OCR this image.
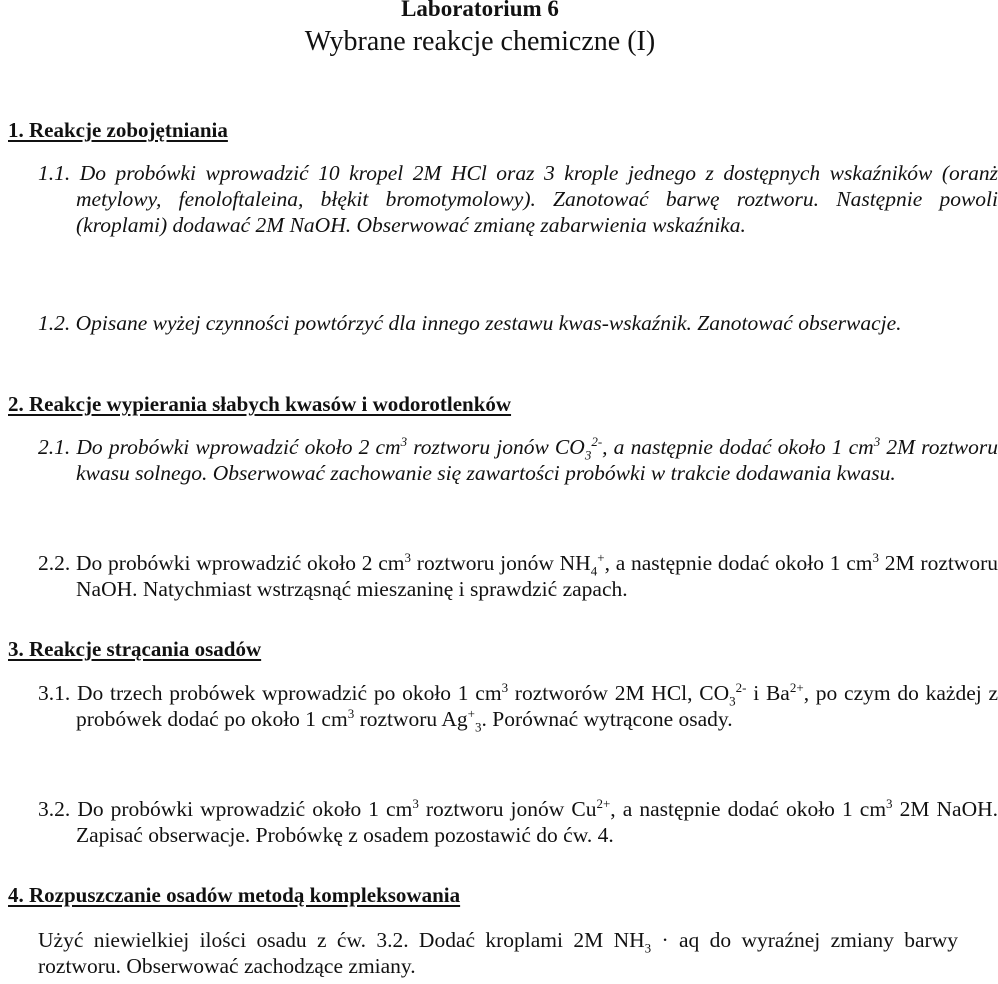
Laboratorium 6
Wybrane reakcje chemiczne (I)
1. Reakcje zobojętniania

1.1. Do probówki wprowadzić 10 kropel 2M HCl oraz 3 krople jednego z dostępnych wskaźników (oranż metylowy, fenoloftaleina, błękit bromotymolowy). Zanotować barwę roztworu. Następnie powoli (kroplami) dodawać 2M NaOH. Obserwować zmianę zabarwienia wskaźnika.

1.2. Opisane wyżej czynności powtórzyć dla innego zestawu kwas-wskaźnik. Zanotować obserwacje.

2. Reakcje wypierania słabych kwasów i wodorotlenków

2.1. Do probówki wprowadzić około 2 $cm^3$ roztworu jonów $CO_3^{2-}$, a następnie dodać około 1 $cm^3$ 2M roztworu kwasu solnego. Obserwować zachowanie się zawartości probówki w trakcie dodawania kwasu.

2.2. Do probówki wprowadzić około 2 $cm^3$ roztworu jonów $NH_4^+$, a następnie dodać około 1 $cm^3$ 2M roztworu NaOH. Natychmiast wstrząsnąć mieszaninę i sprawdzić zapach.

3. Reakcje strącania osadów

3.1. Do trzech probówek wprowadzić po około 1 $cm^3$ roztworów 2M HCl, $CO_3^{2-}$ i $Ba^{2+}$, po czym do każdej z probówek dodać po około 1 $cm^3$ roztworu $Ag^+_3$. Porównać wytrącone osady.

3.2. Do probówki wprowadzić około 1 $cm^3$ roztworu jonów $Cu^{2+}$, a następnie dodać około 1 $cm^3$ 2M NaOH. Zapisać obserwacje. Probówkę z osadem pozostawić do ćw. 4.

4. Rozpuszczanie osadów metodą kompleksowania

Użyć niewielkiej ilości osadu z ćw. 3.2. Dodać kroplami 2M $NH_3$ · aq do wyraźnej zmiany barwy roztworu. Obserwować zachodzące zmiany.
